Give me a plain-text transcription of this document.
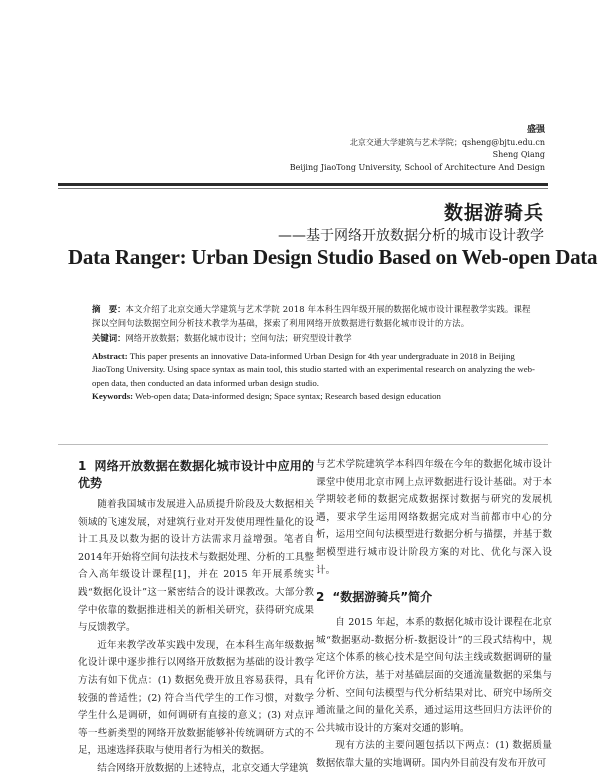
盛强
北京交通大学建筑与艺术学院；qsheng@bjtu.edu.cn
Sheng Qiang
Beijing JiaoTong University, School of Architecture And Design
数据游骑兵
——基于网络开放数据分析的城市设计教学
Data Ranger: Urban Design Studio Based on Web-open Data

摘　要：本文介绍了北京交通大学建筑与艺术学院 2018 年本科生四年级开展的数据化城市设计课程教学实践。课程探以空间句法数据空间分析技术教学为基础，探索了利用网络开放数据进行数据化城市设计的方法。

关键词：网络开放数据；数据化城市设计；空间句法；研究型设计教学

Abstract: This paper presents an innovative Data-informed Urban Design for 4th year undergraduate in 2018 in Beijing JiaoTong University. Using space syntax as main tool, this studio started with an experimental research on analyzing the web-open data, then conducted an data informed urban design studio.

Keywords: Web-open data; Data-informed design; Space syntax; Research based design education

1 网络开放数据在数据化城市设计中应用的优势

随着我国城市发展进入品质提升阶段及大数据相关领域的飞速发展，对建筑行业对开发使用理性量化的设计工具及以数为据的设计方法需求月益增强。笔者自2014年开始将空间句法技术与数据处理、分析的工具整合入高年级设计课程[1]，并在 2015 年开展系统实践“数据化设计”这一紧密结合的设计课教改。大部分教学中依靠的数据推进相关的新相关研究，获得研究成果与反馈教学。

近年来教学改革实践中发现，在本科生高年级数据化设计课中逐步推行以网络开放数据为基础的设计教学方法有如下优点：(1) 数据免费开放且容易获得，具有较强的普适性；(2) 符合当代学生的工作习惯，对数学学生什么是调研，如何调研有直接的意义；(3) 对点评等一些新类型的网络开放数据能够补传统调研方式的不足，迅速选择获取与使用者行为相关的数据。

结合网络开放数据的上述特点，北京交通大学建筑

与艺术学院建筑学本科四年级在今年的数据化城市设计课堂中使用北京市网上点评数据进行设计基础。对于本学期较老师的数据完成数据探讨数据与研究的发展机遇，要求学生运用网络数据完成对当前都市中心的分析，运用空间句法模型进行数据分析与描摆，并基于数据模型进行城市设计阶段方案的对比、优化与深入设计。

2 “数据游骑兵”简介

自 2015 年起，本系的数据化城市设计课程在北京城“数据驱动-数据分析-数据设计”的三段式结构中，规定这个体系的核心技术是空间句法主线或数据调研的量化评价方法，基于对基础层面的交通流量数据的采集与分析、空间句法模型与代分析结果对比、研究中场所交通流量之间的量化关系，通过运用这些回归方法评价的公共城市设计的方案对交通的影响。

现有方法的主要问题包括以下两点：(1) 数据质量数据依靠大量的实地调研。国内外目前没有发布开放可
